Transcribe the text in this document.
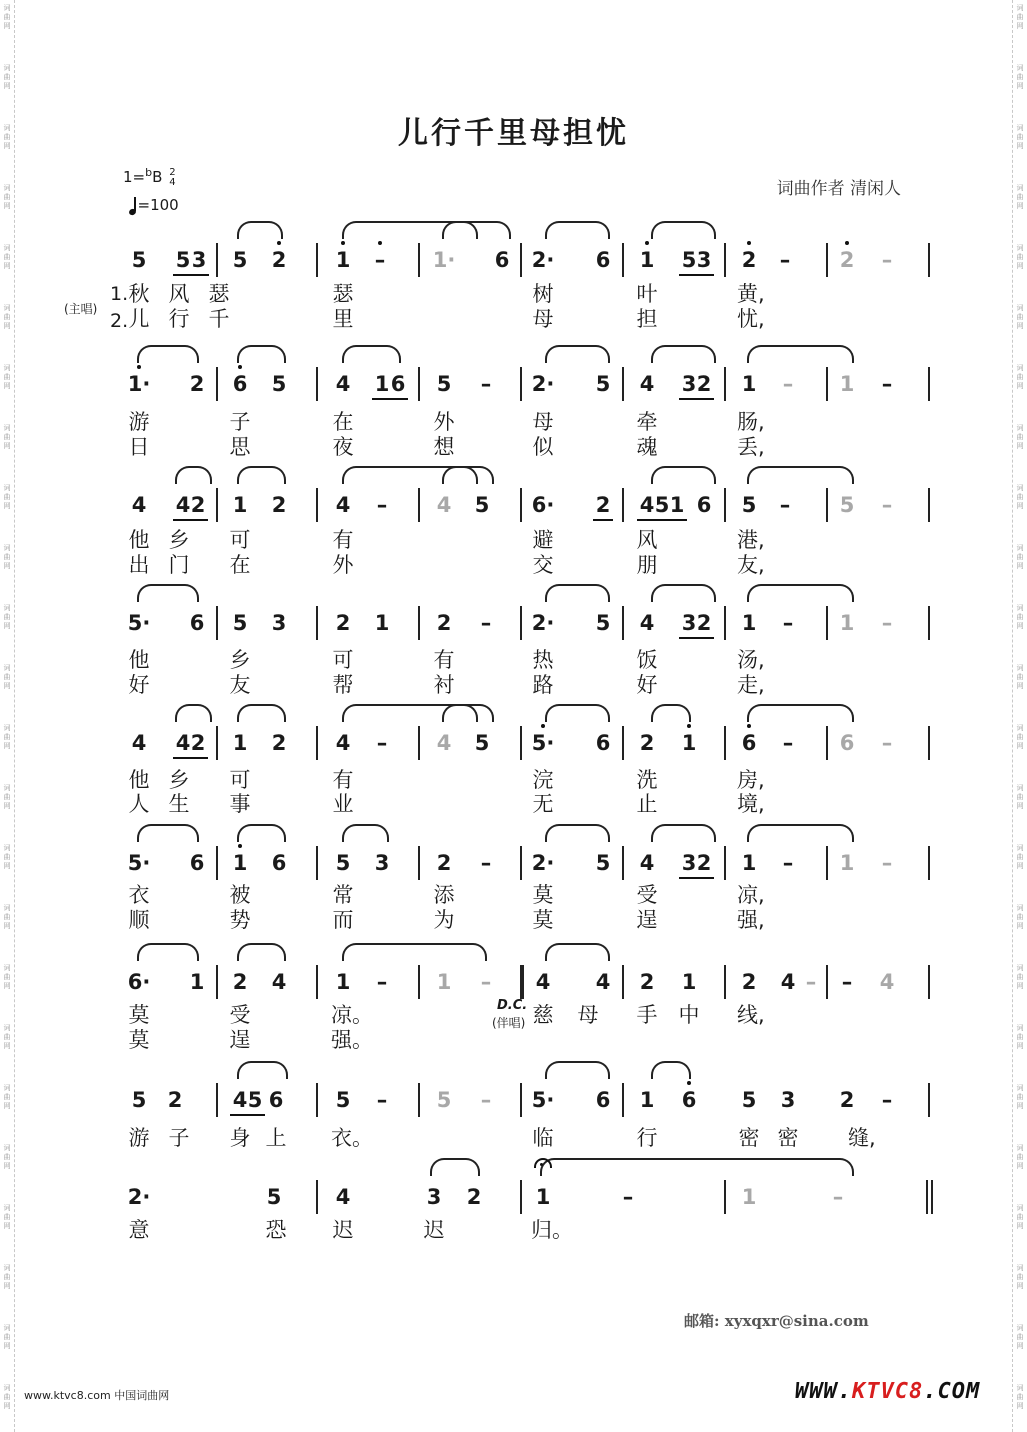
词
曲
网
词
曲
网
词
曲
网
词
曲
网
词
曲
网
词
曲
网
词
曲
网
词
曲
网
词
曲
网
词
曲
网
词
曲
网
词
曲
网
词
曲
网
词
曲
网
词
曲
网
词
曲
网
词
曲
网
词
曲
网
词
曲
网
词
曲
网
词
曲
网
词
曲
网
词
曲
网
词
曲
网
词
曲
网
词
曲
网
词
曲
网
词
曲
网
词
曲
网
词
曲
网
词
曲
网
词
曲
网
词
曲
网
词
曲
网
词
曲
网
词
曲
网
词
曲
网
词
曲
网
词
曲
网
词
曲
网
词
曲
网
词
曲
网
词
曲
网
词
曲
网
词
曲
网
词
曲
网
词
曲
网
词
曲
网
儿行千里母担忧
1=$^b$B 2
4
=100
词曲作者 清闲人
5 5 3 5 2 1	–	1· 6 2· 6 1 5 3 2	–	2	–
秋 风 瑟	瑟	树	叶	黄,
儿 行 千	里	母	担	忧,
1· 2 6 5 4 1 6 5	–	2· 5 4 3 2 1	–	1	–
游	子	在	外	母	牵	肠,
日	思	夜	想	似	魂	丢,
4 4 2 1 2 4	–	4 5 6· 2 4 5 1 6 5	–	5	–
他 乡 可	有	避	风	港,
出 门 在	外	交	朋	友,
5· 6 5 3 2 1 2	–	2· 5 4 3 2 1	–	1	–
他	乡	可	有	热	饭	汤,
好	友	帮	衬	路	好	走,
4 4 2 1 2 4	–	4 5 5· 6 2 1 6	–	6	–
他 乡 可	有	浣	洗	房,
人 生 事	业	无	止	境,
5· 6 1 6 5 3 2	–	2· 5 4 3 2 1	–	1	–
衣	被	常	添	莫	受	凉,
顺	势	而	为	莫	逞	强,
6· 1 2 4 1	–	1	–	4 4 2 1 2 4	–	4
–
莫	受	凉。	慈 母 手 中 线,
莫	逞	强。
5 2 4 5 6 5	–	5	–	5· 6 1 6 5 3 2	–
游 子 身 上 衣。	临	行	密 密 缝,
2·	5	4	3 2	1	–	1	–
意	恐 迟	迟	归。
(主唱)
1.
2.
D.C.
(伴唱)
邮箱: xyxqxr@sina.com
www.ktvc8.com 中国词曲网	WWW.KTVC8.COM
